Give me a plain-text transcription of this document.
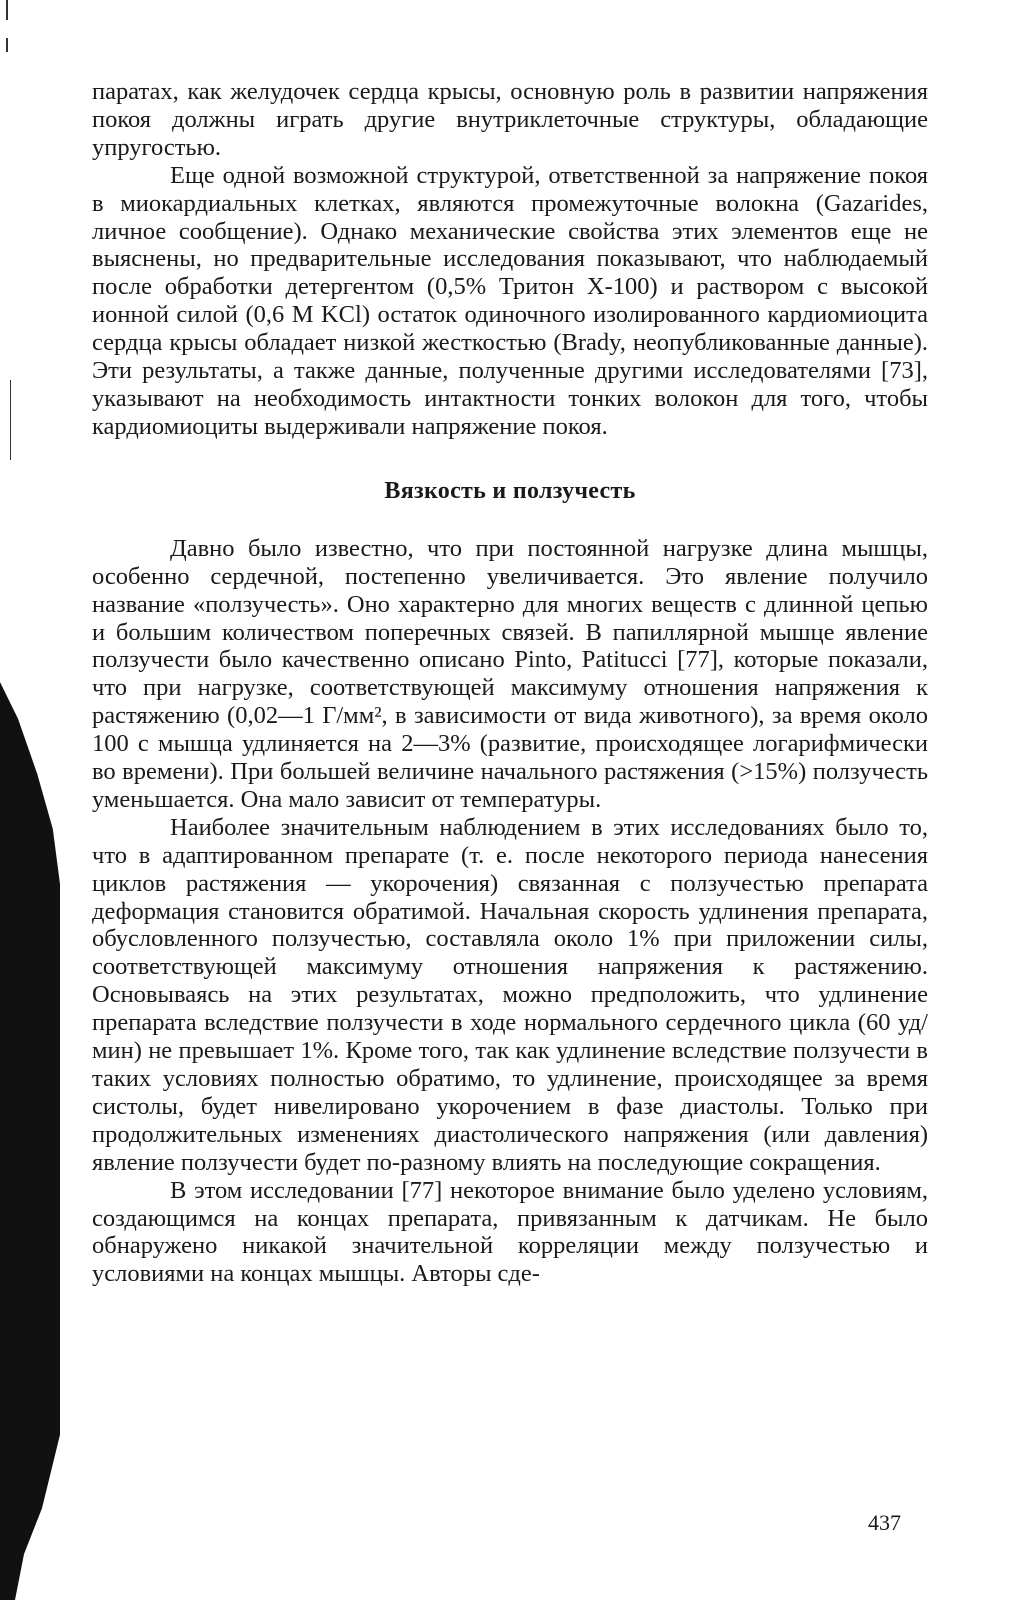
паратах, как желудочек сердца крысы, основную роль в развитии напряжения покоя должны играть другие внутриклеточные структуры, обладающие упругостью.

Еще одной возможной структурой, ответственной за напряжение покоя в миокардиальных клетках, являются промежуточные волокна (Gazarides, личное сообщение). Однако механические свойства этих элементов еще не выяснены, но предварительные исследования показывают, что наблюдаемый после обработки детергентом (0,5% Тритон X-100) и раствором с высокой ионной силой (0,6 М KCl) остаток одиночного изолированного кардиомиоцита сердца крысы обладает низкой жесткостью (Brady, неопубликованные данные). Эти результаты, а также данные, полученные другими исследователями [73], указывают на необходимость интактности тонких волокон для того, чтобы кардиомиоциты выдерживали напряжение покоя.

Вязкость и ползучесть

Давно было известно, что при постоянной нагрузке длина мышцы, особенно сердечной, постепенно увеличивается. Это явление получило название «ползучесть». Оно характерно для многих веществ с длинной цепью и большим количеством поперечных связей. В папиллярной мышце явление ползучести было качественно описано Pinto, Patitucci [77], которые показали, что при нагрузке, соответствующей максимуму отношения напряжения к растяжению (0,02—1 Г/мм², в зависимости от вида животного), за время около 100 с мышца удлиняется на 2—3% (развитие, происходящее логарифмически во времени). При большей величине начального растяжения (>15%) ползучесть уменьшается. Она мало зависит от температуры.

Наиболее значительным наблюдением в этих исследованиях было то, что в адаптированном препарате (т. е. после некоторого периода нанесения циклов растяжения — укорочения) связанная с ползучестью препарата деформация становится обратимой. Начальная скорость удлинения препарата, обусловленного ползучестью, составляла около 1% при приложении силы, соответствующей максимуму отношения напряжения к растяжению. Основываясь на этих результатах, можно предположить, что удлинение препарата вследствие ползучести в ходе нормального сердечного цикла (60 уд/мин) не превышает 1%. Кроме того, так как удлинение вследствие ползучести в таких условиях полностью обратимо, то удлинение, происходящее за время систолы, будет нивелировано укорочением в фазе диастолы. Только при продолжительных изменениях диастолического напряжения (или давления) явление ползучести будет по-разному влиять на последующие сокращения.

В этом исследовании [77] некоторое внимание было уделено условиям, создающимся на концах препарата, привязанным к датчикам. Не было обнаружено никакой значительной корреляции между ползучестью и условиями на концах мышцы. Авторы сде-

437
